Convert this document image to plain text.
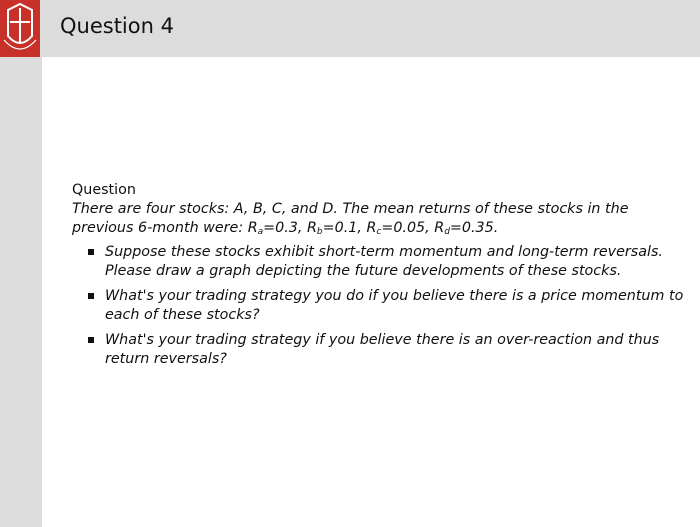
Question 4
Question
There are four stocks: A, B, C, and D. The mean returns of these stocks in the
previous 6-month were: $R_a=0.3$, $R_b=0.1$, $R_c=0.05$, $R_d=0.35$.
Suppose these stocks exhibit short-term momentum and long-term reversals.
Please draw a graph depicting the future developments of these stocks.
What's your trading strategy you do if you believe there is a price momentum to
each of these stocks?
What's your trading strategy if you believe there is an over-reaction and thus
return reversals?
